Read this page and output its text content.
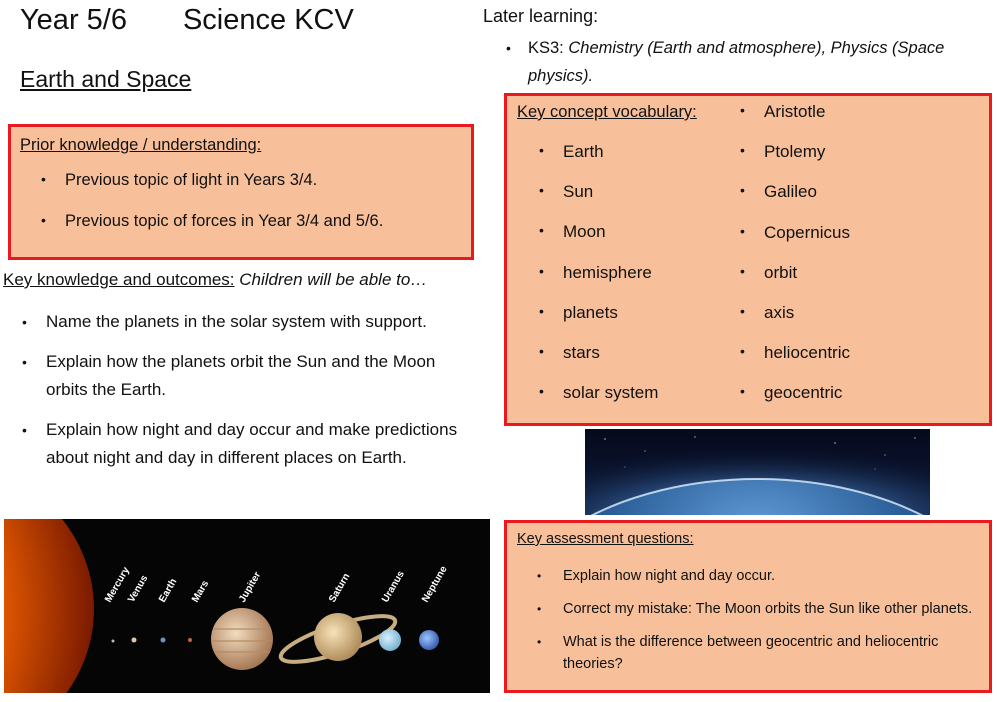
Year 5/6 Science KCV
Earth and Space
Later learning:
•	KS3: Chemistry (Earth and atmosphere), Physics (Space physics).
Prior knowledge / understanding:
• Previous topic of light in Years 3/4.
• Previous topic of forces in Year 3/4 and 5/6.
Key knowledge and outcomes: Children will be able to…
• Name the planets in the solar system with support.
• Explain how the planets orbit the Sun and the Moon orbits the Earth.
• Explain how night and day occur and make predictions about night and day in different places on Earth.
Key concept vocabulary:
• Earth
• Sun
• Moon
• hemisphere
• planets
• stars
• solar system
• Aristotle
• Ptolemy
• Galileo
• Copernicus
• orbit
• axis
• heliocentric
• geocentric
Mercury
Venus Earth Mars	Jupiter	Saturn	Uranus Neptune
Key assessment questions:
• Explain how night and day occur.
• Correct my mistake: The Moon orbits the Sun like other planets.
• What is the difference between geocentric and heliocentric theories?
